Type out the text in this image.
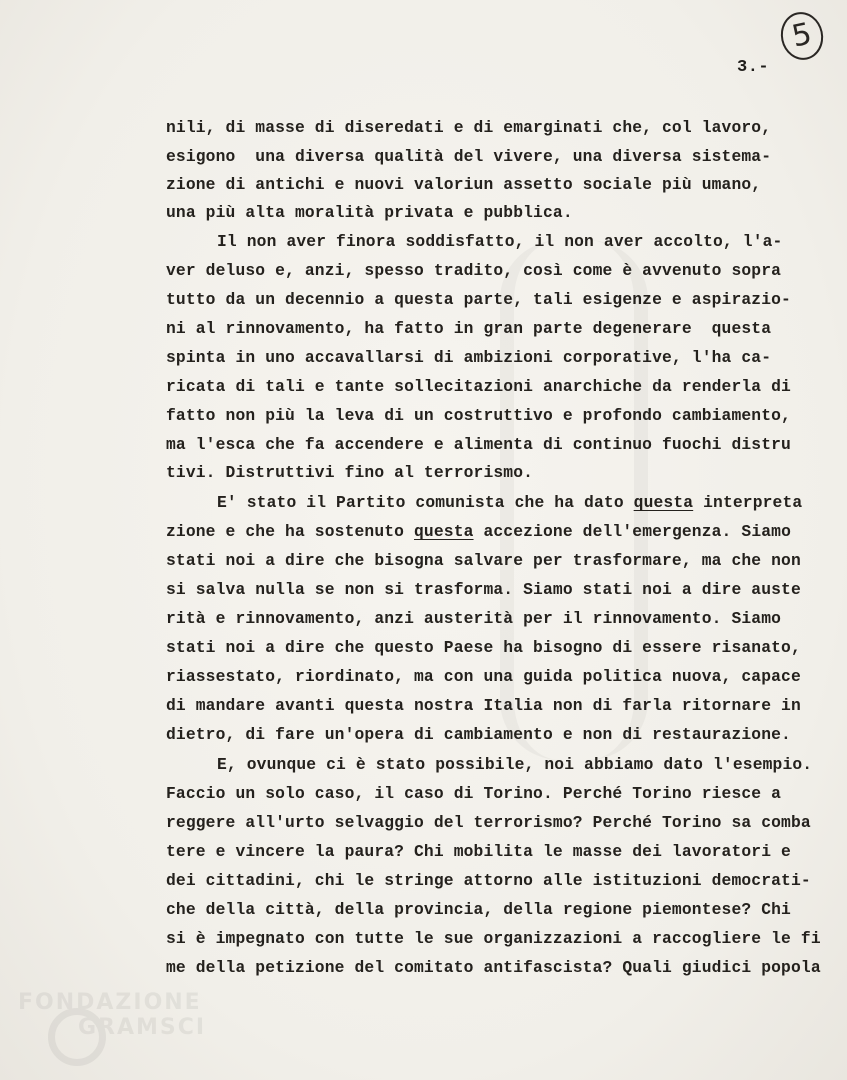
5
3.-
nili, di masse di diseredati e di emarginati che, col lavoro,
esigono  una diversa qualità del vivere, una diversa sistema-
zione di antichi e nuovi valoriun assetto sociale più umano,
una più alta moralità privata e pubblica.
Il non aver finora soddisfatto, il non aver accolto, l'a-
ver deluso e, anzi, spesso tradito, così come è avvenuto sopra
tutto da un decennio a questa parte, tali esigenze e aspirazio-
ni al rinnovamento, ha fatto in gran parte degenerare  questa
spinta in uno accavallarsi di ambizioni corporative, l'ha ca-
ricata di tali e tante sollecitazioni anarchiche da renderla di
fatto non più la leva di un costruttivo e profondo cambiamento,
ma l'esca che fa accendere e alimenta di continuo fuochi distru
tivi. Distruttivi fino al terrorismo.
E' stato il Partito comunista che ha dato questa interpreta
zione e che ha sostenuto questa accezione dell'emergenza. Siamo
stati noi a dire che bisogna salvare per trasformare, ma che non
si salva nulla se non si trasforma. Siamo stati noi a dire auste
rità e rinnovamento, anzi austerità per il rinnovamento. Siamo
stati noi a dire che questo Paese ha bisogno di essere risanato,
riassestato, riordinato, ma con una guida politica nuova, capace
di mandare avanti questa nostra Italia non di farla ritornare in
dietro, di fare un'opera di cambiamento e non di restaurazione.
E, ovunque ci è stato possibile, noi abbiamo dato l'esempio.
Faccio un solo caso, il caso di Torino. Perché Torino riesce a
reggere all'urto selvaggio del terrorismo? Perché Torino sa comba
tere e vincere la paura? Chi mobilita le masse dei lavoratori e
dei cittadini, chi le stringe attorno alle istituzioni democrati-
che della città, della provincia, della regione piemontese? Chi
si è impegnato con tutte le sue organizzazioni a raccogliere le fi
me della petizione del comitato antifascista? Quali giudici popola
FONDAZIONE
GRAMSCI
